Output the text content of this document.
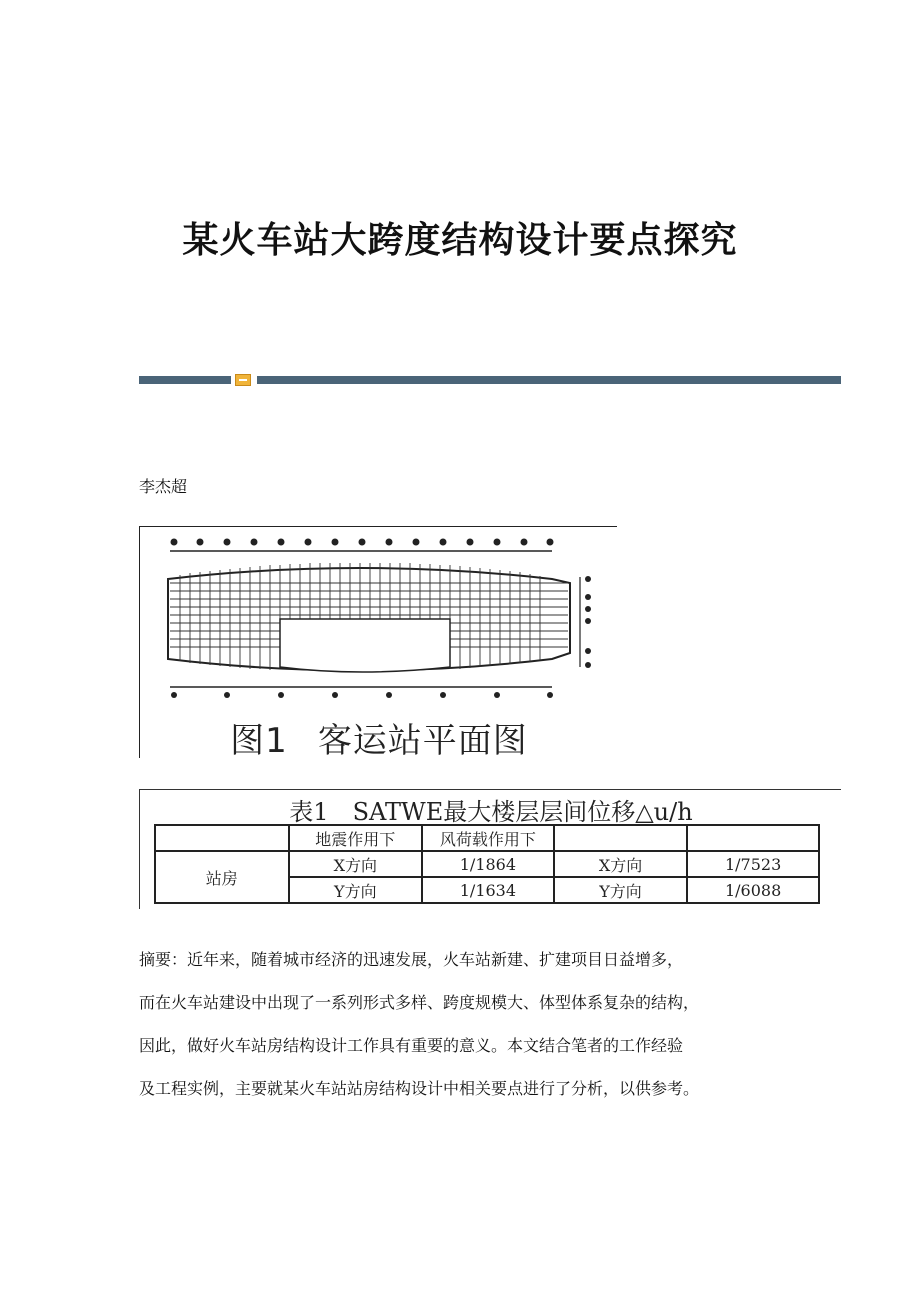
某火车站大跨度结构设计要点探究
李杰超
图1 客运站平面图
表1　SATWE最大楼层层间位移△u/h
	地震作用下	风荷载作用下		
站房	X方向	1/1864	X方向	1/7523
	Y方向	1/1634	Y方向	1/6088

摘要：近年来，随着城市经济的迅速发展，火车站新建、扩建项目日益增多，

而在火车站建设中出现了一系列形式多样、跨度规模大、体型体系复杂的结构，

因此，做好火车站房结构设计工作具有重要的意义。本文结合笔者的工作经验

及工程实例，主要就某火车站站房结构设计中相关要点进行了分析，以供参考。
